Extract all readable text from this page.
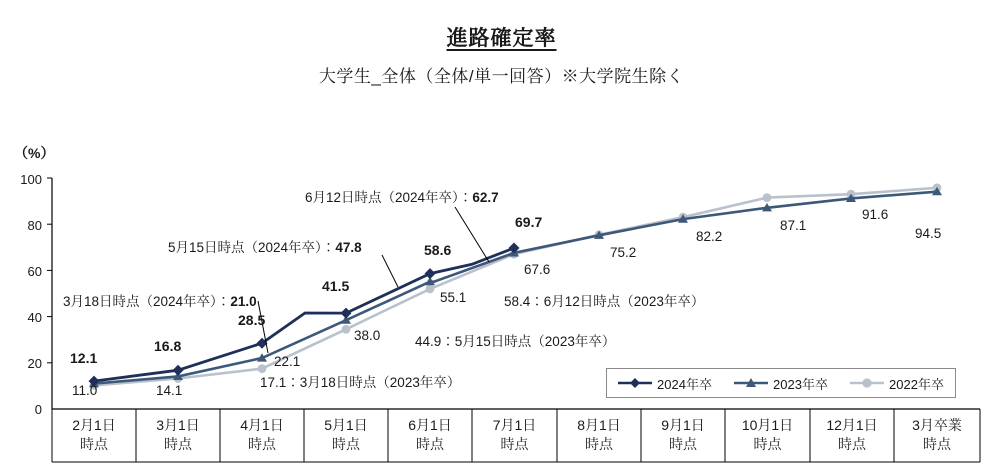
進路確定率
大学生_全体（全体/単一回答）※大学院生除く
（%）
100
80
60
40
20
0
12.1
16.8
28.5
41.5
58.6
69.7
11.0	14.1
22.1
38.0
55.1
67.6
75.2
82.2
87.1
91.6
94.5
3月18日時点（2024年卒）：21.0
5月15日時点（2024年卒）：47.8
6月12日時点（2024年卒）：62.7
17.1：3月18日時点（2023年卒）
44.9：5月15日時点（2023年卒）
58.4：6月12日時点（2023年卒）
2024年卒	2023年卒	2022年卒
2月1日
時点
3月1日
時点
4月1日
時点
5月1日
時点
6月1日
時点
7月1日
時点
8月1日
時点
9月1日
時点
10月1日
時点
12月1日
時点
3月卒業
時点
